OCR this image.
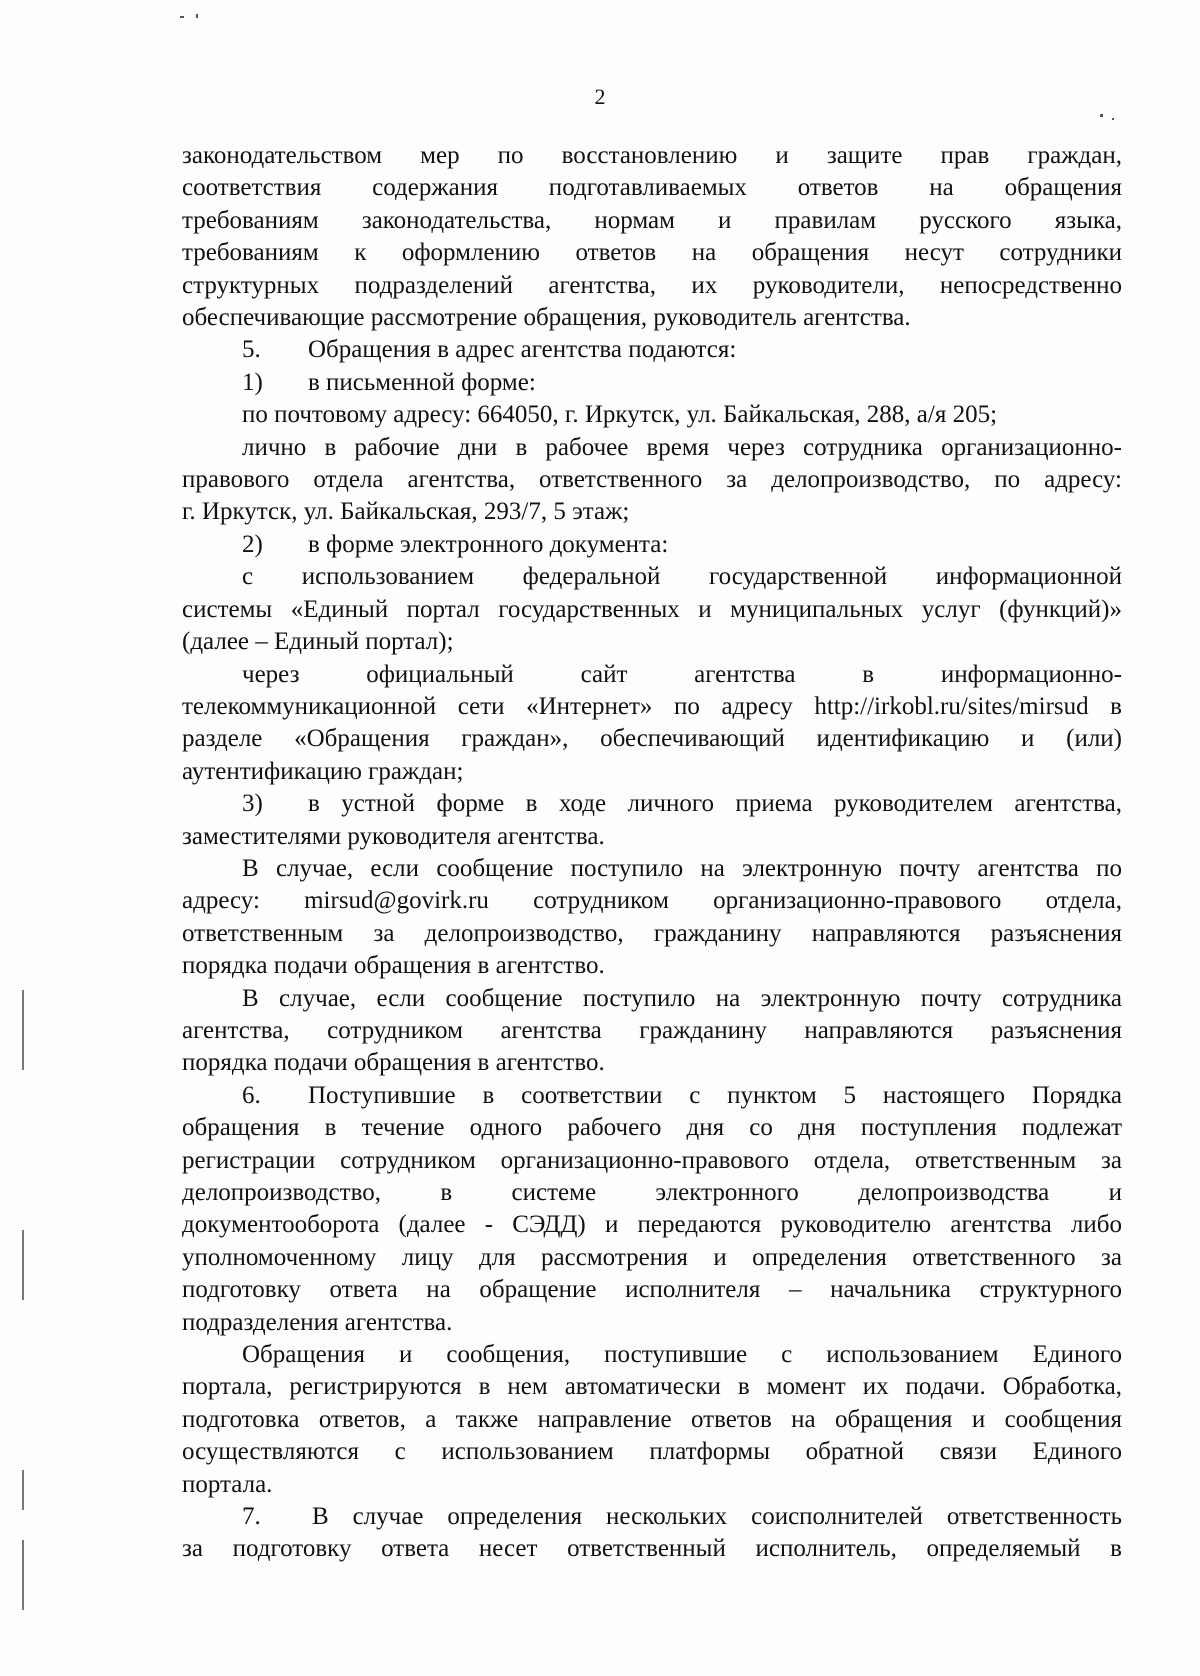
2
законодательством мер по восстановлению и защите прав граждан,
соответствия содержания подготавливаемых ответов на обращения
требованиям законодательства, нормам и правилам русского языка,
требованиям к оформлению ответов на обращения несут сотрудники
структурных подразделений агентства, их руководители, непосредственно
обеспечивающие рассмотрение обращения, руководитель агентства.
5. Обращения в адрес агентства подаются:
1) в письменной форме:
по почтовому адресу: 664050, г. Иркутск, ул. Байкальская, 288, а/я 205;
лично в рабочие дни в рабочее время через сотрудника организационно-
правового отдела агентства, ответственного за делопроизводство, по адресу:
г. Иркутск, ул. Байкальская, 293/7, 5 этаж;
2) в форме электронного документа:
с использованием федеральной государственной информационной
системы «Единый портал государственных и муниципальных услуг (функций)»
(далее – Единый портал);
через официальный сайт агентства в информационно-
телекоммуникационной сети «Интернет» по адресу http://irkobl.ru/sites/mirsud в
разделе «Обращения граждан», обеспечивающий идентификацию и (или)
аутентификацию граждан;
3) в устной форме в ходе личного приема руководителем агентства,
заместителями руководителя агентства.
В случае, если сообщение поступило на электронную почту агентства по
адресу: mirsud@govirk.ru сотрудником организационно-правового отдела,
ответственным за делопроизводство, гражданину направляются разъяснения
порядка подачи обращения в агентство.
В случае, если сообщение поступило на электронную почту сотрудника
агентства, сотрудником агентства гражданину направляются разъяснения
порядка подачи обращения в агентство.
6. Поступившие в соответствии с пунктом 5 настоящего Порядка
обращения в течение одного рабочего дня со дня поступления подлежат
регистрации сотрудником организационно-правового отдела, ответственным за
делопроизводство, в системе электронного делопроизводства и
документооборота (далее - СЭДД) и передаются руководителю агентства либо
уполномоченному лицу для рассмотрения и определения ответственного за
подготовку ответа на обращение исполнителя – начальника структурного
подразделения агентства.
Обращения и сообщения, поступившие с использованием Единого
портала, регистрируются в нем автоматически в момент их подачи. Обработка,
подготовка ответов, а также направление ответов на обращения и сообщения
осуществляются с использованием платформы обратной связи Единого
портала.
7. В случае определения нескольких соисполнителей ответственность
за подготовку ответа несет ответственный исполнитель, определяемый в
